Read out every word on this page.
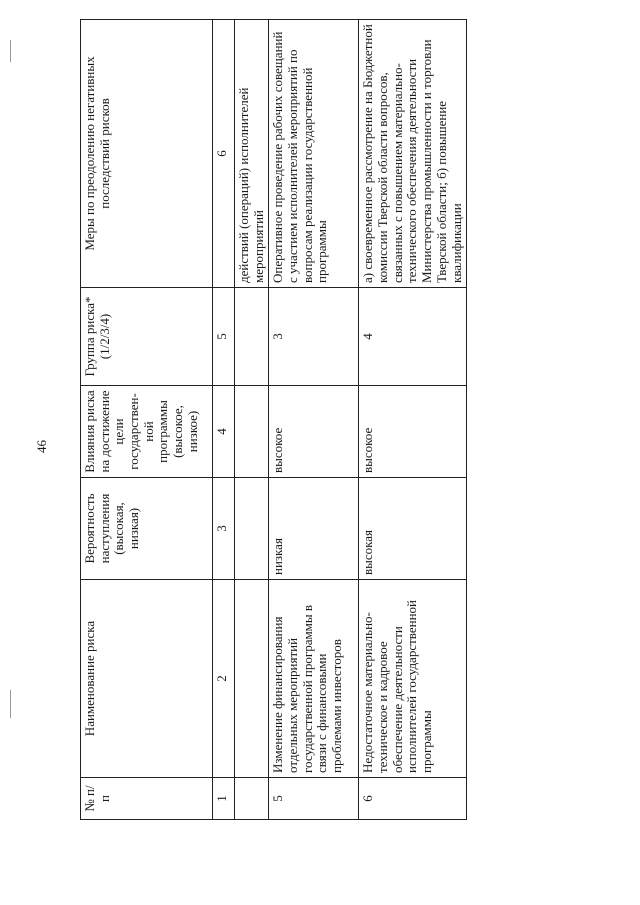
46
№ п/п	Наименование риска	Вероятность наступления (высокая, низкая)	Влияния риска на достижение цели государствен-ной программы (высокое, низкое)	Группа риска* (1/2/3/4)	Меры по преодолению негативных последствий рисков
1	2	3	4	5	6
					действий (операций) исполнителей мероприятий
5	Изменение финансирования отдельных мероприятий государственной программы в связи с финансовыми проблемами инвесторов	низкая	высокое	3	Оперативное проведение рабочих совещаний с участием исполнителей мероприятий по вопросам реализации государственной программы
6	Недостаточное материально-техническое и кадровое обеспечение деятельности исполнителей государственной программы	высокая	высокое	4	а) своевременное рассмотрение на Бюджетной комиссии Тверской области вопросов, связанных с повышением материально-технического обеспечения деятельности Министерства промышленности и торговли Тверской области; б) повышение квалификации
